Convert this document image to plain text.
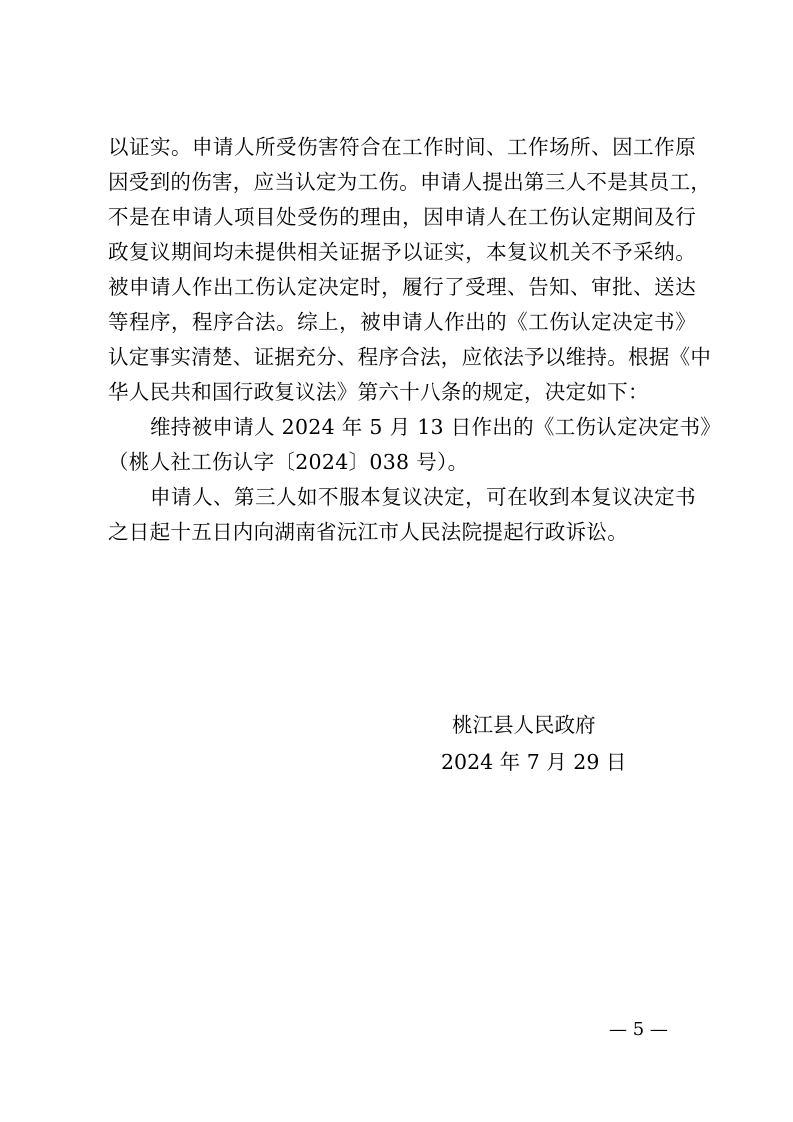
以证实。申请人所受伤害符合在工作时间、工作场所、因工作原
因受到的伤害，应当认定为工伤。申请人提出第三人不是其员工，
不是在申请人项目处受伤的理由，因申请人在工伤认定期间及行
政复议期间均未提供相关证据予以证实，本复议机关不予采纳。
被申请人作出工伤认定决定时，履行了受理、告知、审批、送达
等程序，程序合法。综上，被申请人作出的《工伤认定决定书》
认定事实清楚、证据充分、程序合法，应依法予以维持。根据《中
华人民共和国行政复议法》第六十八条的规定，决定如下：
维持被申请人 2024 年 5 月 13 日作出的《工伤认定决定书》
（桃人社工伤认字〔2024〕038 号）。
申请人、第三人如不服本复议决定，可在收到本复议决定书
之日起十五日内向湖南省沅江市人民法院提起行政诉讼。
桃江县人民政府
2024 年 7 月 29 日
— 5 —
